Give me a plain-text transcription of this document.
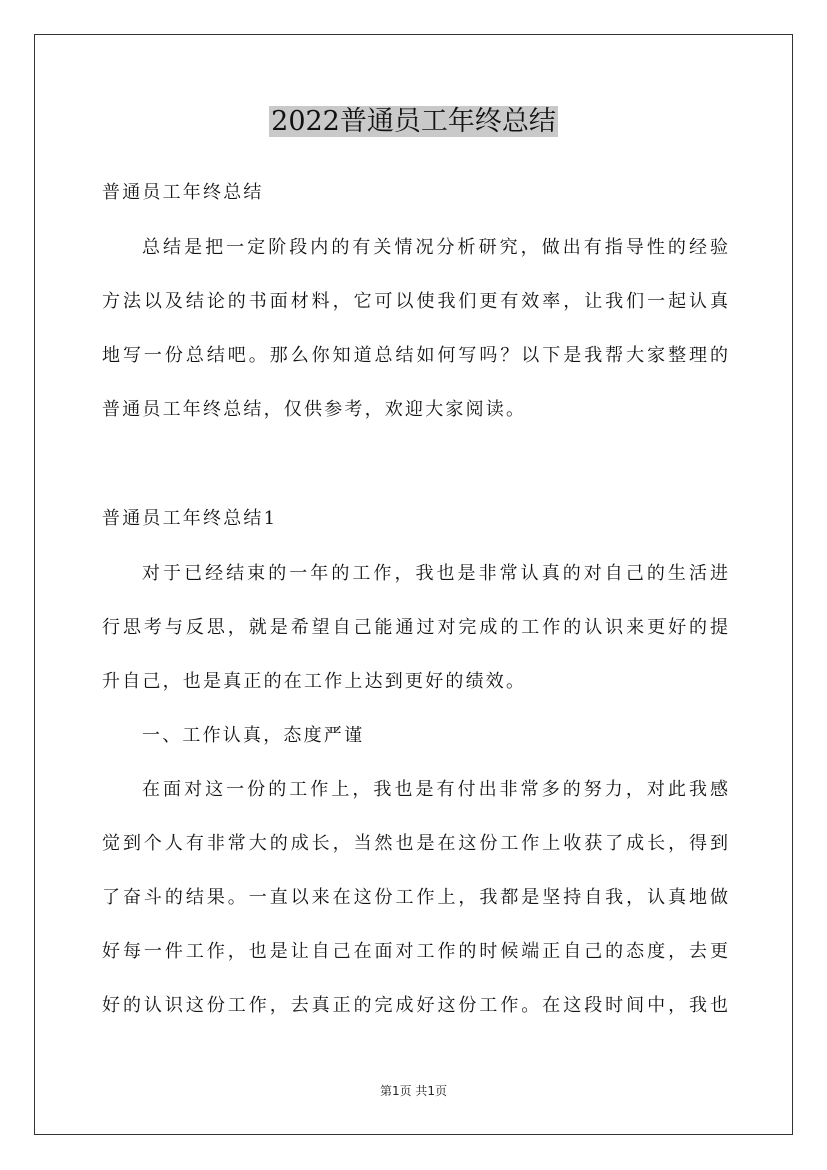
2022普通员工年终总结

普通员工年终总结

总结是把一定阶段内的有关情况分析研究，做出有指导性的经验

方法以及结论的书面材料，它可以使我们更有效率，让我们一起认真

地写一份总结吧。那么你知道总结如何写吗？以下是我帮大家整理的

普通员工年终总结，仅供参考，欢迎大家阅读。

普通员工年终总结1

对于已经结束的一年的工作，我也是非常认真的对自己的生活进

行思考与反思，就是希望自己能通过对完成的工作的认识来更好的提

升自己，也是真正的在工作上达到更好的绩效。

一、工作认真，态度严谨

在面对这一份的工作上，我也是有付出非常多的努力，对此我感

觉到个人有非常大的成长，当然也是在这份工作上收获了成长，得到

了奋斗的结果。一直以来在这份工作上，我都是坚持自我，认真地做

好每一件工作，也是让自己在面对工作的时候端正自己的态度，去更

好的认识这份工作，去真正的完成好这份工作。在这段时间中，我也

第1页 共1页
